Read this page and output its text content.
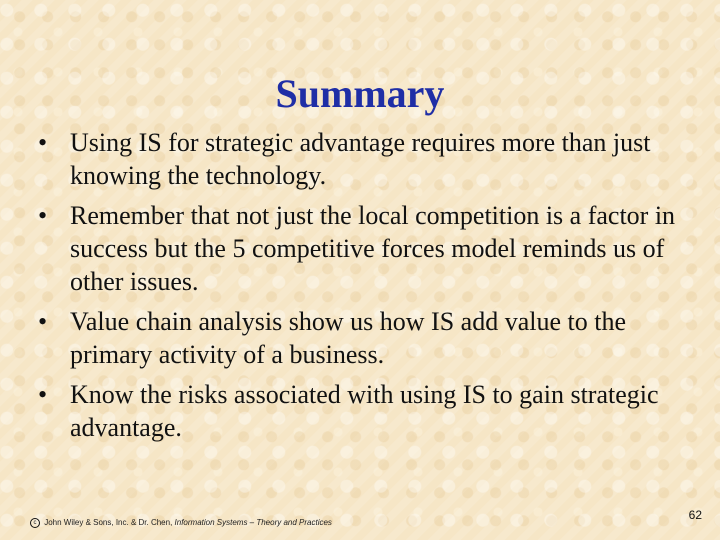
Summary
• Using IS for strategic advantage requires more than just knowing the technology.
• Remember that not just the local competition is a factor in success but the 5 competitive forces model reminds us of other issues.
• Value chain analysis show us how IS add value to the primary activity of a business.
• Know the risks associated with using IS to gain strategic advantage.
c John Wiley & Sons, Inc. & Dr. Chen, Information Systems – Theory and Practices
62
